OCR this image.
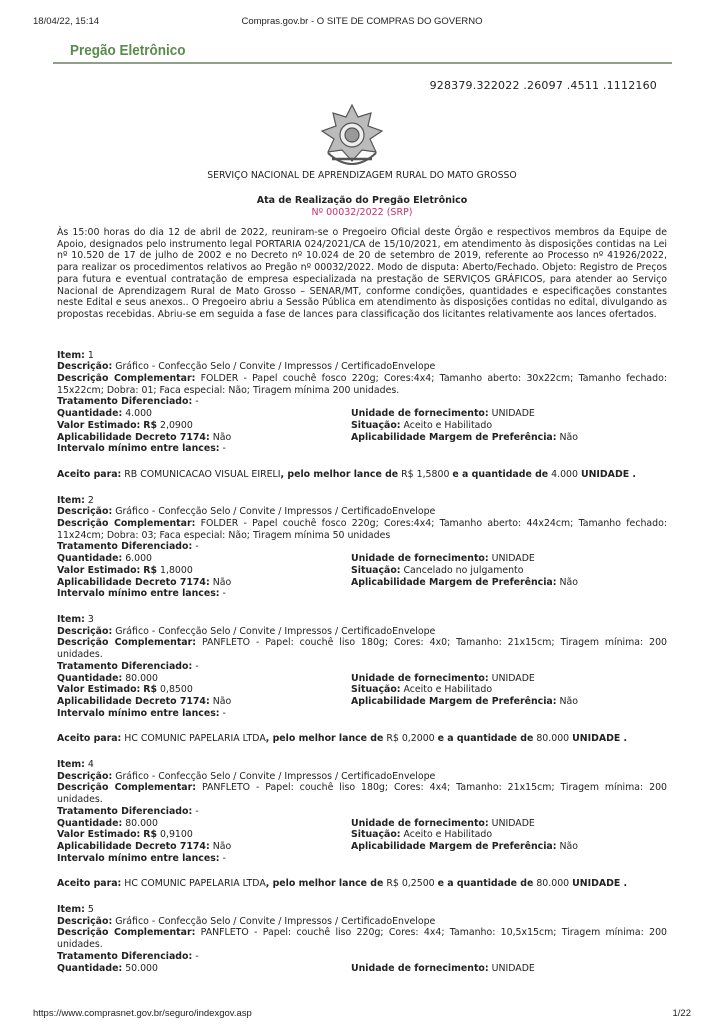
18/04/22, 15:14	Compras.gov.br - O SITE DE COMPRAS DO GOVERNO
Pregão Eletrônico
928379.322022 .26097 .4511 .1112160
SERVIÇO NACIONAL DE APRENDIZAGEM RURAL DO MATO GROSSO
Ata de Realização do Pregão Eletrônico
Nº 00032/2022 (SRP)

Às 15:00 horas do dia 12 de abril de 2022, reuniram-se o Pregoeiro Oficial deste Órgão e respectivos membros da Equipe de Apoio, designados pelo instrumento legal PORTARIA 024/2021/CA de 15/10/2021, em atendimento às disposições contidas na Lei nº 10.520 de 17 de julho de 2002 e no Decreto nº 10.024 de 20 de setembro de 2019, referente ao Processo nº 41926/2022, para realizar os procedimentos relativos ao Pregão nº 00032/2022. Modo de disputa: Aberto/Fechado. Objeto: Registro de Preços para futura e eventual contratação de empresa especializada na prestação de SERVIÇOS GRÁFICOS, para atender ao Serviço Nacional de Aprendizagem Rural de Mato Grosso – SENAR/MT, conforme condições, quantidades e especificações constantes neste Edital e seus anexos.. O Pregoeiro abriu a Sessão Pública em atendimento às disposições contidas no edital, divulgando as propostas recebidas. Abriu-se em seguida a fase de lances para classificação dos licitantes relativamente aos lances ofertados.

Item: 1
Descrição: Gráfico - Confecção Selo / Convite / Impressos / CertificadoEnvelope
Descrição Complementar: FOLDER - Papel couchê fosco 220g; Cores:4x4; Tamanho aberto: 30x22cm; Tamanho fechado: 15x22cm; Dobra: 01; Faca especial: Não; Tiragem mínima 200 unidades.
Tratamento Diferenciado: -
Quantidade: 4.000	Unidade de fornecimento: UNIDADE
Valor Estimado: R$ 2,0900	Situação: Aceito e Habilitado
Aplicabilidade Decreto 7174: Não	Aplicabilidade Margem de Preferência: Não
Intervalo mínimo entre lances: -
Aceito para: RB COMUNICACAO VISUAL EIRELI, pelo melhor lance de R$ 1,5800 e a quantidade de 4.000 UNIDADE .
Item: 2
Descrição: Gráfico - Confecção Selo / Convite / Impressos / CertificadoEnvelope
Descrição Complementar: FOLDER - Papel couchê fosco 220g; Cores:4x4; Tamanho aberto: 44x24cm; Tamanho fechado: 11x24cm; Dobra: 03; Faca especial: Não; Tiragem mínima 50 unidades
Tratamento Diferenciado: -
Quantidade: 6.000	Unidade de fornecimento: UNIDADE
Valor Estimado: R$ 1,8000	Situação: Cancelado no julgamento
Aplicabilidade Decreto 7174: Não	Aplicabilidade Margem de Preferência: Não
Intervalo mínimo entre lances: -
Item: 3
Descrição: Gráfico - Confecção Selo / Convite / Impressos / CertificadoEnvelope
Descrição Complementar: PANFLETO - Papel: couchê liso 180g; Cores: 4x0; Tamanho: 21x15cm; Tiragem mínima: 200 unidades.
Tratamento Diferenciado: -
Quantidade: 80.000	Unidade de fornecimento: UNIDADE
Valor Estimado: R$ 0,8500	Situação: Aceito e Habilitado
Aplicabilidade Decreto 7174: Não	Aplicabilidade Margem de Preferência: Não
Intervalo mínimo entre lances: -
Aceito para: HC COMUNIC PAPELARIA LTDA, pelo melhor lance de R$ 0,2000 e a quantidade de 80.000 UNIDADE .
Item: 4
Descrição: Gráfico - Confecção Selo / Convite / Impressos / CertificadoEnvelope
Descrição Complementar: PANFLETO - Papel: couchê liso 180g; Cores: 4x4; Tamanho: 21x15cm; Tiragem mínima: 200 unidades.
Tratamento Diferenciado: -
Quantidade: 80.000	Unidade de fornecimento: UNIDADE
Valor Estimado: R$ 0,9100	Situação: Aceito e Habilitado
Aplicabilidade Decreto 7174: Não	Aplicabilidade Margem de Preferência: Não
Intervalo mínimo entre lances: -
Aceito para: HC COMUNIC PAPELARIA LTDA, pelo melhor lance de R$ 0,2500 e a quantidade de 80.000 UNIDADE .
Item: 5
Descrição: Gráfico - Confecção Selo / Convite / Impressos / CertificadoEnvelope
Descrição Complementar: PANFLETO - Papel: couchê liso 220g; Cores: 4x4; Tamanho: 10,5x15cm; Tiragem mínima: 200 unidades.
Tratamento Diferenciado: -
Quantidade: 50.000	Unidade de fornecimento: UNIDADE
https://www.comprasnet.gov.br/seguro/indexgov.asp	1/22
